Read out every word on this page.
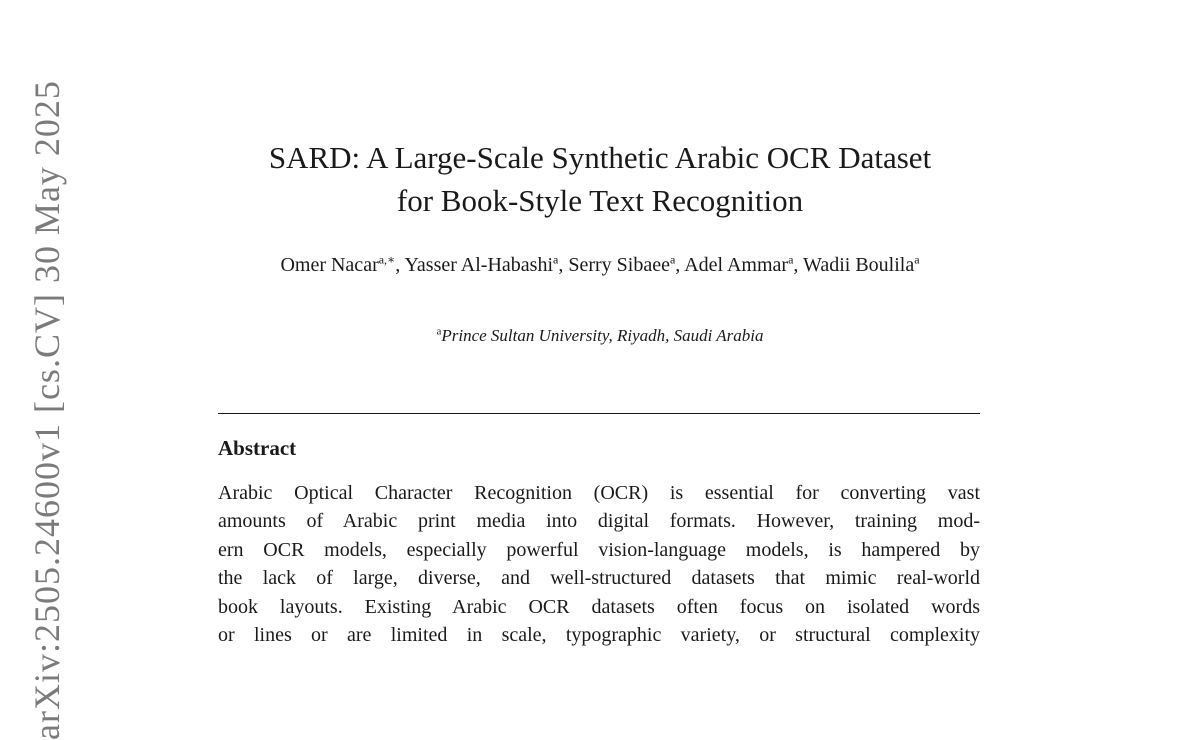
arXiv:2505.24600v1 [cs.CV] 30 May 2025	SARD: A Large-Scale Synthetic Arabic OCR Dataset
for Book-Style Text Recognition
Omer Nacar$^{a,∗}$, Yasser Al-Habashi$^a$, Serry Sibaee$^a$, Adel Ammar$^a$, Wadii Boulila$^a$
$^a$Prince Sultan University, Riyadh, Saudi Arabia
Abstract
Arabic Optical Character Recognition (OCR) is essential for converting vast
amounts of Arabic print media into digital formats. However, training mod-
ern OCR models, especially powerful vision-language models, is hampered by
the lack of large, diverse, and well-structured datasets that mimic real-world
book layouts. Existing Arabic OCR datasets often focus on isolated words
or lines or are limited in scale, typographic variety, or structural complexity
